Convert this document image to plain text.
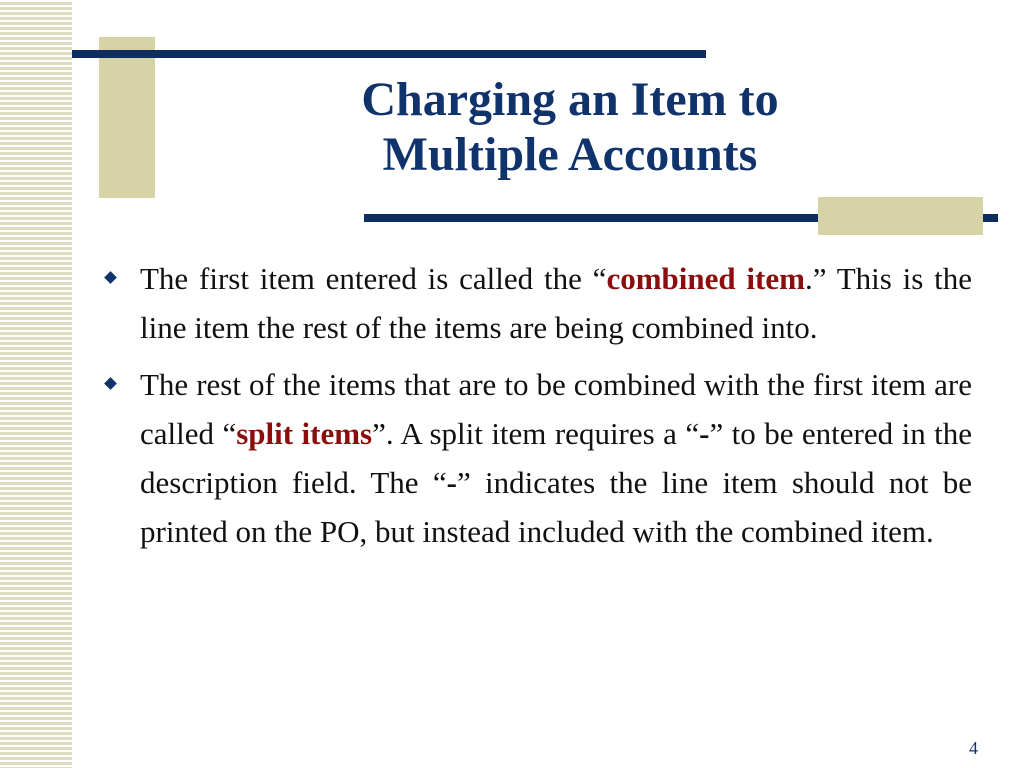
Charging an Item to
Multiple Accounts
The first item entered is called the “combined item.” This is the line item the rest of the items are being combined into.
The rest of the items that are to be combined with the first item are called “split items”. A split item requires a “-” to be entered in the description field. The “-” indicates the line item should not be printed on the PO, but instead included with the combined item.
4
